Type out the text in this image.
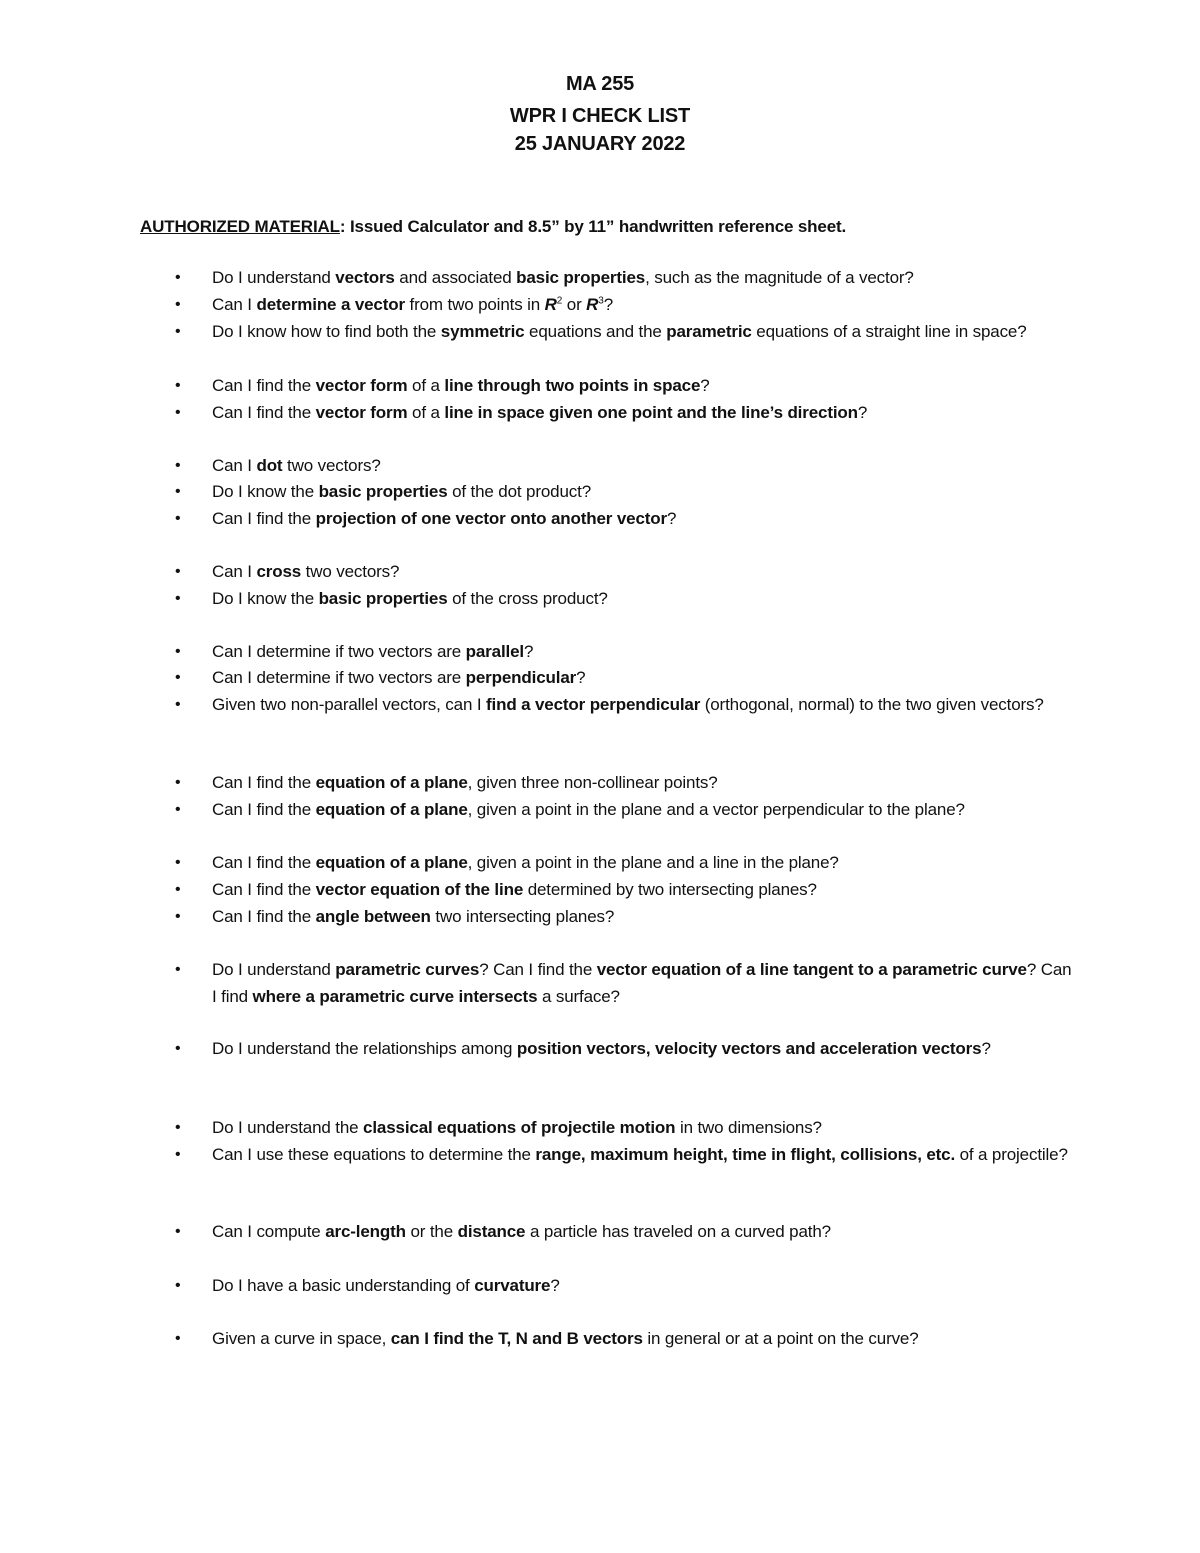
MA 255
WPR I CHECK LIST
25 JANUARY 2022

AUTHORIZED MATERIAL: Issued Calculator and 8.5” by 11” handwritten reference sheet.

• Do I understand vectors and associated basic properties, such as the magnitude of a vector?
• Can I determine a vector from two points in $R^2$ or $R^3$?
• Do I know how to find both the symmetric equations and the parametric equations of a straight line in space?
• Can I find the vector form of a line through two points in space?
• Can I find the vector form of a line in space given one point and the line’s direction?
• Can I dot two vectors?
• Do I know the basic properties of the dot product?
• Can I find the projection of one vector onto another vector?
• Can I cross two vectors?
• Do I know the basic properties of the cross product?
• Can I determine if two vectors are parallel?
• Can I determine if two vectors are perpendicular?
• Given two non-parallel vectors, can I find a vector perpendicular (orthogonal, normal) to the two given vectors?
• Can I find the equation of a plane, given three non-collinear points?
• Can I find the equation of a plane, given a point in the plane and a vector perpendicular to the plane?
• Can I find the equation of a plane, given a point in the plane and a line in the plane?
• Can I find the vector equation of the line determined by two intersecting planes?
• Can I find the angle between two intersecting planes?
• Do I understand parametric curves? Can I find the vector equation of a line tangent to a parametric curve? Can I find where a parametric curve intersects a surface?
• Do I understand the relationships among position vectors, velocity vectors and acceleration vectors?
• Do I understand the classical equations of projectile motion in two dimensions?
• Can I use these equations to determine the range, maximum height, time in flight, collisions, etc. of a projectile?
• Can I compute arc-length or the distance a particle has traveled on a curved path?
• Do I have a basic understanding of curvature?
• Given a curve in space, can I find the T, N and B vectors in general or at a point on the curve?
